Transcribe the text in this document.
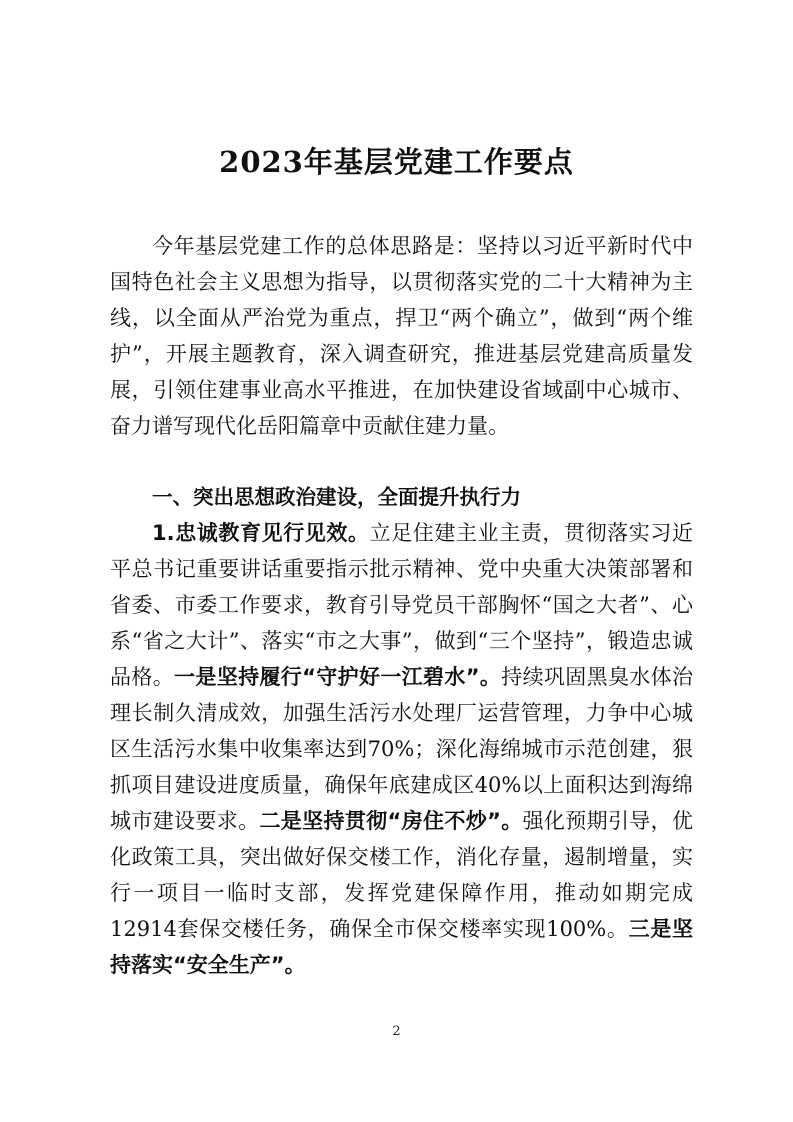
2023年基层党建工作要点

今年基层党建工作的总体思路是：坚持以习近平新时代中国特色社会主义思想为指导，以贯彻落实党的二十大精神为主线，以全面从严治党为重点，捍卫“两个确立”，做到“两个维护”，开展主题教育，深入调查研究，推进基层党建高质量发展，引领住建事业高水平推进，在加快建设省域副中心城市、奋力谱写现代化岳阳篇章中贡献住建力量。

一、突出思想政治建设，全面提升执行力

1.忠诚教育见行见效。立足住建主业主责，贯彻落实习近平总书记重要讲话重要指示批示精神、党中央重大决策部署和省委、市委工作要求，教育引导党员干部胸怀“国之大者”、心系“省之大计”、落实“市之大事”，做到“三个坚持”，锻造忠诚品格。一是坚持履行“守护好一江碧水”。持续巩固黑臭水体治理长制久清成效，加强生活污水处理厂运营管理，力争中心城区生活污水集中收集率达到70%；深化海绵城市示范创建，狠抓项目建设进度质量，确保年底建成区40%以上面积达到海绵城市建设要求。二是坚持贯彻“房住不炒”。强化预期引导，优化政策工具，突出做好保交楼工作，消化存量，遏制增量，实行一项目一临时支部，发挥党建保障作用，推动如期完成12914套保交楼任务，确保全市保交楼率实现100%。三是坚持落实“安全生产”。

2
